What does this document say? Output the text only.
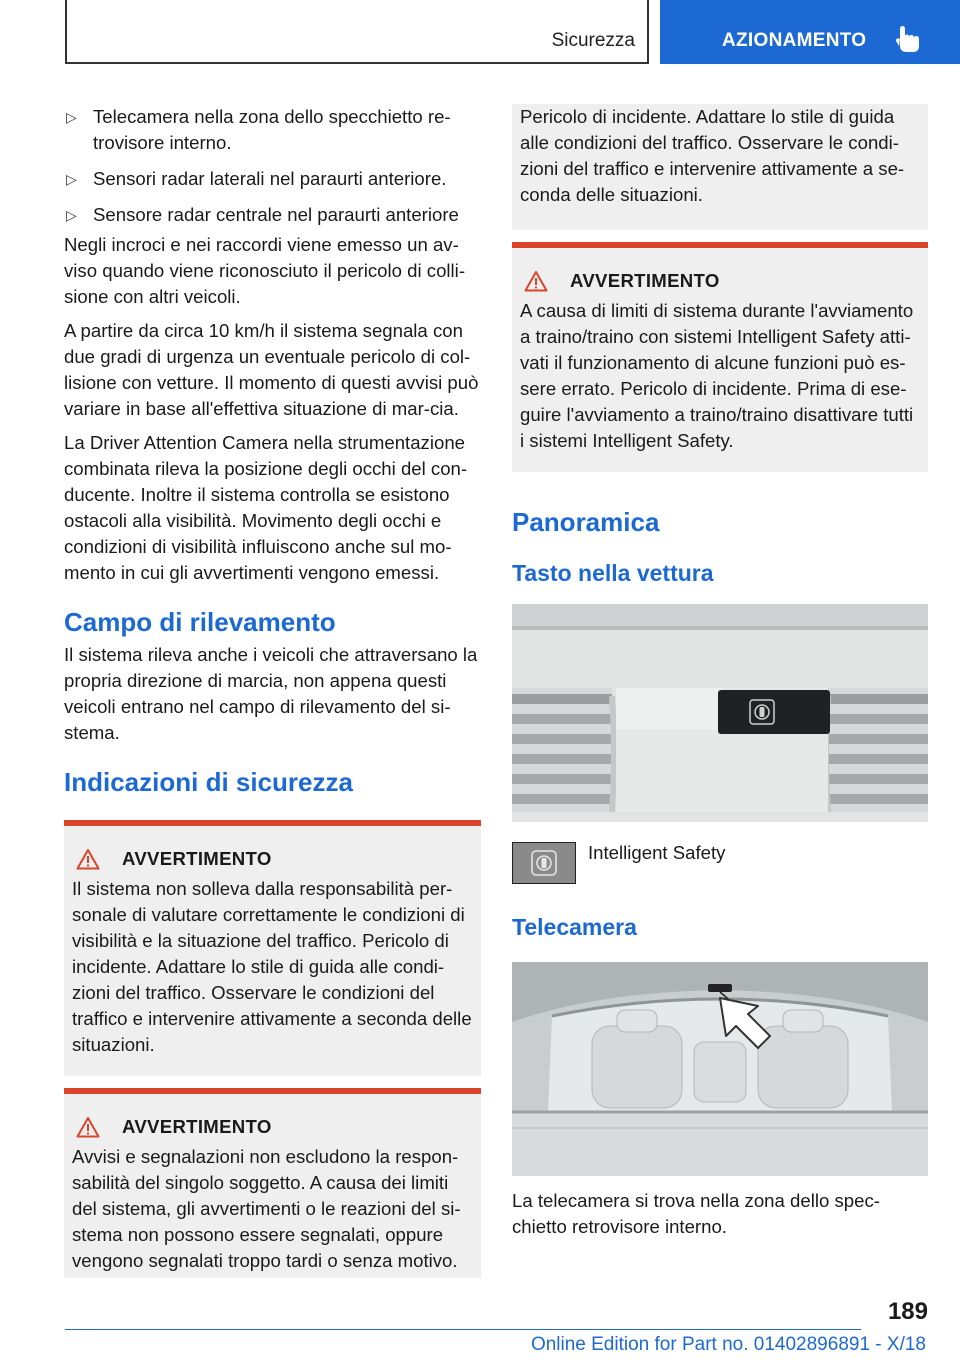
Sicurezza	AZIONAMENTO
▷ Telecamera nella zona dello specchietto re-trovisore interno.
▷ Sensori radar laterali nel paraurti anteriore.
▷ Sensore radar centrale nel paraurti anteriore

Negli incroci e nei raccordi viene emesso un av-viso quando viene riconosciuto il pericolo di colli-sione con altri veicoli.

A partire da circa 10 km/h il sistema segnala con due gradi di urgenza un eventuale pericolo di col-lisione con vetture. Il momento di questi avvisi può variare in base all'effettiva situazione di mar-cia.

La Driver Attention Camera nella strumentazione combinata rileva la posizione degli occhi del con-ducente. Inoltre il sistema controlla se esistono ostacoli alla visibilità. Movimento degli occhi e condizioni di visibilità influiscono anche sul mo-mento in cui gli avvertimenti vengono emessi.

Campo di rilevamento

Il sistema rileva anche i veicoli che attraversano la propria direzione di marcia, non appena questi veicoli entrano nel campo di rilevamento del si-stema.

Indicazioni di sicurezza
AVVERTIMENTO

Il sistema non solleva dalla responsabilità per-sonale di valutare correttamente le condizioni di visibilità e la situazione del traffico. Pericolo di incidente. Adattare lo stile di guida alle condi-zioni del traffico. Osservare le condizioni del traffico e intervenire attivamente a seconda delle situazioni.

AVVERTIMENTO

Avvisi e segnalazioni non escludono la respon-sabilità del singolo soggetto. A causa dei limiti del sistema, gli avvertimenti o le reazioni del si-stema non possono essere segnalati, oppure vengono segnalati troppo tardi o senza motivo.

Pericolo di incidente. Adattare lo stile di guida alle condizioni del traffico. Osservare le condi-zioni del traffico e intervenire attivamente a se-conda delle situazioni.

AVVERTIMENTO

A causa di limiti di sistema durante l'avviamento a traino/traino con sistemi Intelligent Safety atti-vati il funzionamento di alcune funzioni può es-sere errato. Pericolo di incidente. Prima di ese-guire l'avviamento a traino/traino disattivare tutti i sistemi Intelligent Safety.

Panoramica
Tasto nella vettura
Intelligent Safety
Telecamera

La telecamera si trova nella zona dello spec-chietto retrovisore interno.

189
Online Edition for Part no. 01402896891 - X/18
